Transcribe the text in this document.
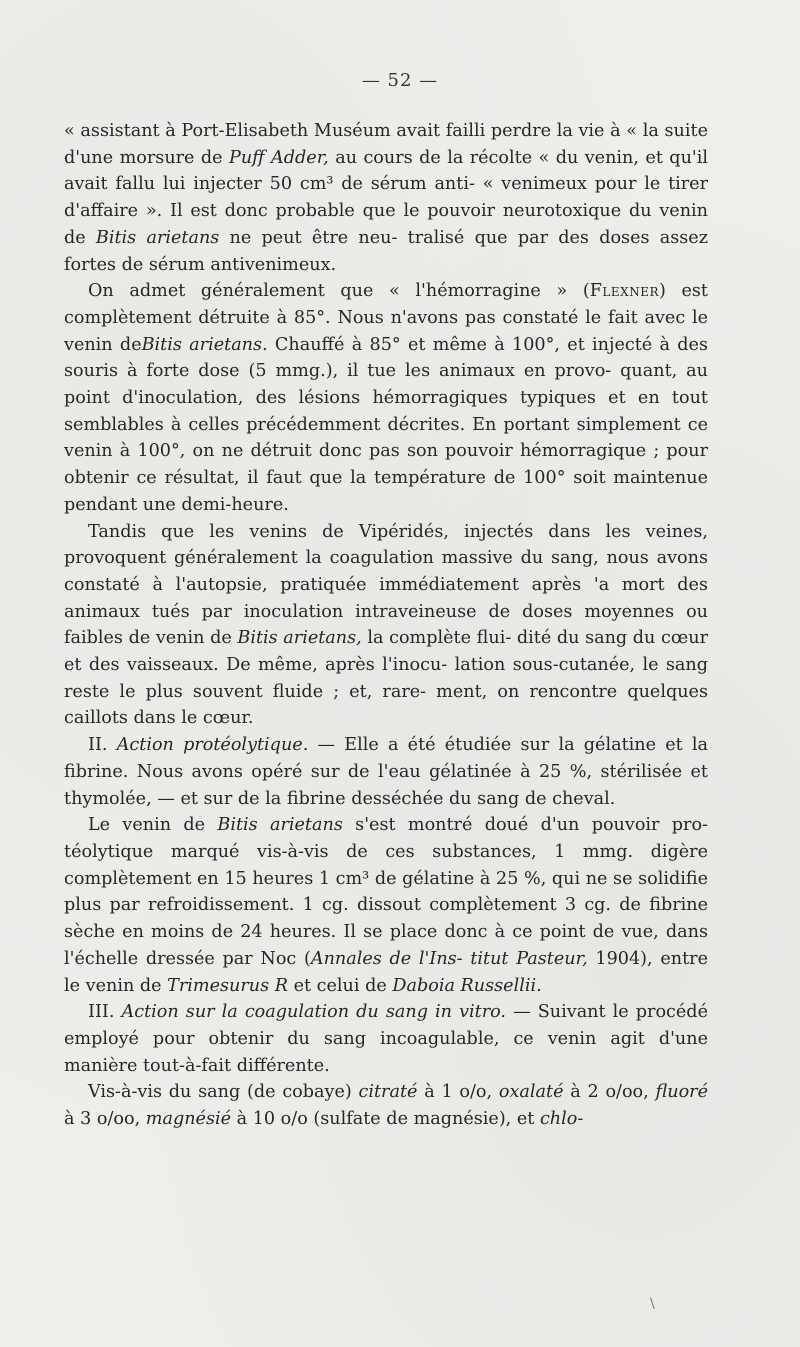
— 52 —

« assistant à Port-Elisabeth Muséum avait failli perdre la vie à « la suite d'une morsure de Puff Adder, au cours de la récolte « du venin, et qu'il avait fallu lui injecter 50 cm³ de sérum anti- « venimeux pour le tirer d'affaire ». Il est donc probable que le pouvoir neurotoxique du venin de Bitis arietans ne peut être neu- tralisé que par des doses assez fortes de sérum antivenimeux.

On admet généralement que « l'hémorragine » (Flexner) est complètement détruite à 85°. Nous n'avons pas constaté le fait avec le venin deBitis arietans. Chauffé à 85° et même à 100°, et injecté à des souris à forte dose (5 mmg.), il tue les animaux en provo- quant, au point d'inoculation, des lésions hémorragiques typiques et en tout semblables à celles précédemment décrites. En portant simplement ce venin à 100°, on ne détruit donc pas son pouvoir hémorragique ; pour obtenir ce résultat, il faut que la température de 100° soit maintenue pendant une demi-heure.

Tandis que les venins de Vipéridés, injectés dans les veines, provoquent généralement la coagulation massive du sang, nous avons constaté à l'autopsie, pratiquée immédiatement après 'a mort des animaux tués par inoculation intraveineuse de doses moyennes ou faibles de venin de Bitis arietans, la complète flui- dité du sang du cœur et des vaisseaux. De même, après l'inocu- lation sous-cutanée, le sang reste le plus souvent fluide ; et, rare- ment, on rencontre quelques caillots dans le cœur.

II. Action protéolytique. — Elle a été étudiée sur la gélatine et la fibrine. Nous avons opéré sur de l'eau gélatinée à 25 %, stérilisée et thymolée, — et sur de la fibrine desséchée du sang de cheval.

Le venin de Bitis arietans s'est montré doué d'un pouvoir pro- téolytique marqué vis-à-vis de ces substances, 1 mmg. digère complètement en 15 heures 1 cm³ de gélatine à 25 %, qui ne se solidifie plus par refroidissement. 1 cg. dissout complètement 3 cg. de fibrine sèche en moins de 24 heures. Il se place donc à ce point de vue, dans l'échelle dressée par Noc (Annales de l'Ins- titut Pasteur, 1904), entre le venin de Trimesurus R et celui de Daboia Russellii.

III. Action sur la coagulation du sang in vitro. — Suivant le procédé employé pour obtenir du sang incoagulable, ce venin agit d'une manière tout-à-fait différente.

Vis-à-vis du sang (de cobaye) citraté à 1 o/o, oxalaté à 2 o/oo, fluoré à 3 o/oo, magnésié à 10 o/o (sulfate de magnésie), et chlo-

\
